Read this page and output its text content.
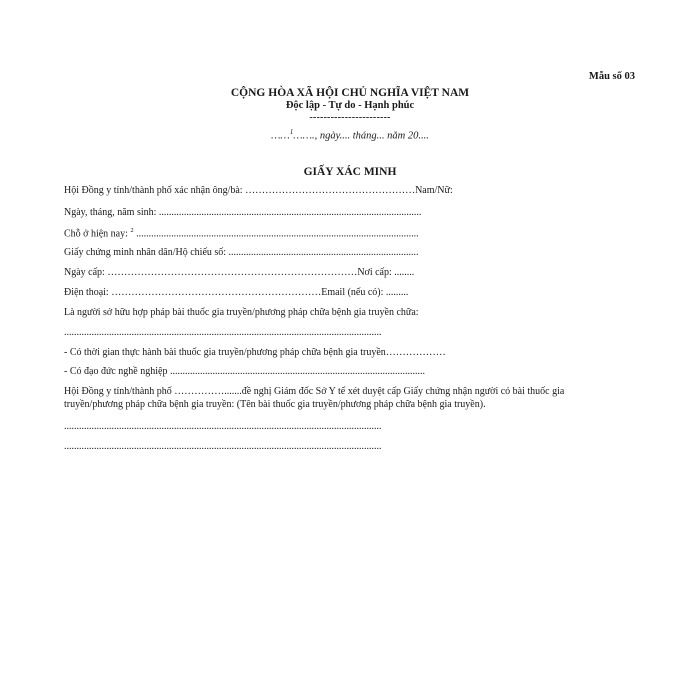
Mẫu số 03
CỘNG HÒA XÃ HỘI CHỦ NGHĨA VIỆT NAM
Độc lập - Tự do - Hạnh phúc
-----------------------
……$^1$……., ngày.... tháng... năm 20....
GIẤY XÁC MINH
Hội Đồng y tỉnh/thành phố xác nhận ông/bà: ……………………………………………Nam/Nữ:
Ngày, tháng, năm sinh: .........................................................................................................
Chỗ ở hiện nay: $^2$ .................................................................................................................
Giấy chứng minh nhân dân/Hộ chiếu số: ............................................................................
Ngày cấp: …………………………………………………………………Nơi cấp: ........
Điện thoại: ………………………………………………………Email (nếu có): .........
Là người sở hữu hợp pháp bài thuốc gia truyền/phương pháp chữa bệnh gia truyền chữa:
...............................................................................................................................
- Có thời gian thực hành bài thuốc gia truyền/phương pháp chữa bệnh gia truyền………………
- Có đạo đức nghề nghiệp ......................................................................................................
Hội Đồng y tỉnh/thành phố …………….......đề nghị Giám đốc Sở Y tế xét duyệt cấp Giấy chứng nhận người có bài thuốc gia truyền/phương pháp chữa bệnh gia truyền: (Tên bài thuốc gia truyền/phương pháp chữa bệnh gia truyền).
...............................................................................................................................
...............................................................................................................................
